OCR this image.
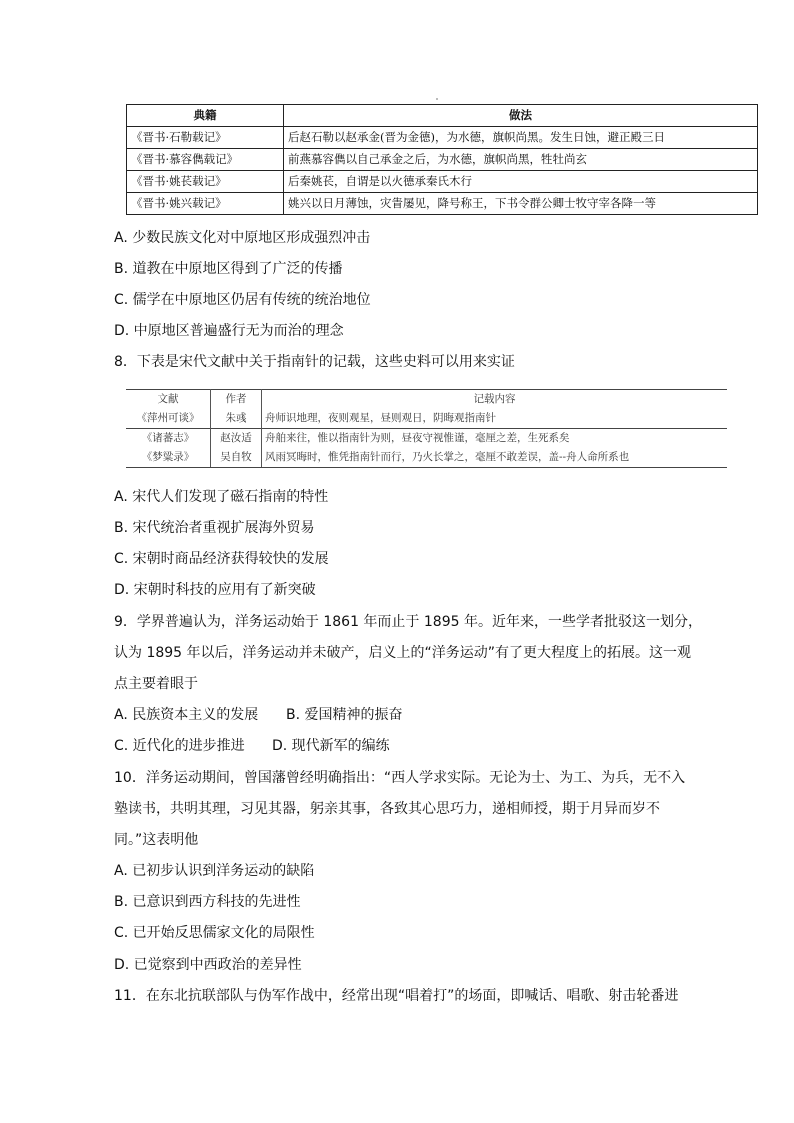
典籍	做法
《晋书·石勒载记》	后赵石勒以赵承金(晋为金德)，为水德，旗帜尚黑。发生日蚀，避正殿三日
《晋书·慕容儁载记》	前燕慕容儁以自己承金之后，为水德，旗帜尚黑，牲牡尚玄
《晋书·姚苌载记》	后秦姚苌，自谓是以火德承秦氏木行
《晋书·姚兴载记》	姚兴以日月薄蚀，灾眚屡见，降号称王，下书令群公卿士牧守宰各降一等
A. 少数民族文化对中原地区形成强烈冲击
B. 道教在中原地区得到了广泛的传播
C. 儒学在中原地区仍居有传统的统治地位
D. 中原地区普遍盛行无为而治的理念
8．下表是宋代文献中关于指南针的记载，这些史料可以用来实证
文献	作者	记载内容
《萍州可谈》	朱彧	舟师识地理，夜则观星，昼则观日，阴晦观指南针
《诸蕃志》	赵汝适	舟舶来往，惟以指南针为则，昼夜守视惟谨，毫厘之差，生死系矣
《梦粱录》	吴自牧	风雨冥晦时，惟凭指南针而行，乃火长掌之，毫厘不敢差误，盖--舟人命所系也
A. 宋代人们发现了磁石指南的特性
B. 宋代统治者重视扩展海外贸易
C. 宋朝时商品经济获得较快的发展
D. 宋朝时科技的应用有了新突破
9．学界普遍认为，洋务运动始于 1861 年而止于 1895 年。近年来，一些学者批驳这一划分，
认为 1895 年以后，洋务运动并未破产，启义上的“洋务运动”有了更大程度上的拓展。这一观
点主要着眼于
A. 民族资本主义的发展 B. 爱国精神的振奋
C. 近代化的进步推进 D. 现代新军的编练
10．洋务运动期间，曾国藩曾经明确指出：“西人学求实际。无论为士、为工、为兵，无不入
塾读书，共明其理，习见其器，躬亲其事，各致其心思巧力，递相师授，期于月异而岁不
同。”这表明他
A. 已初步认识到洋务运动的缺陷
B. 已意识到西方科技的先进性
C. 已开始反思儒家文化的局限性
D. 已觉察到中西政治的差异性
11．在东北抗联部队与伪军作战中，经常出现“唱着打”的场面，即喊话、唱歌、射击轮番进
